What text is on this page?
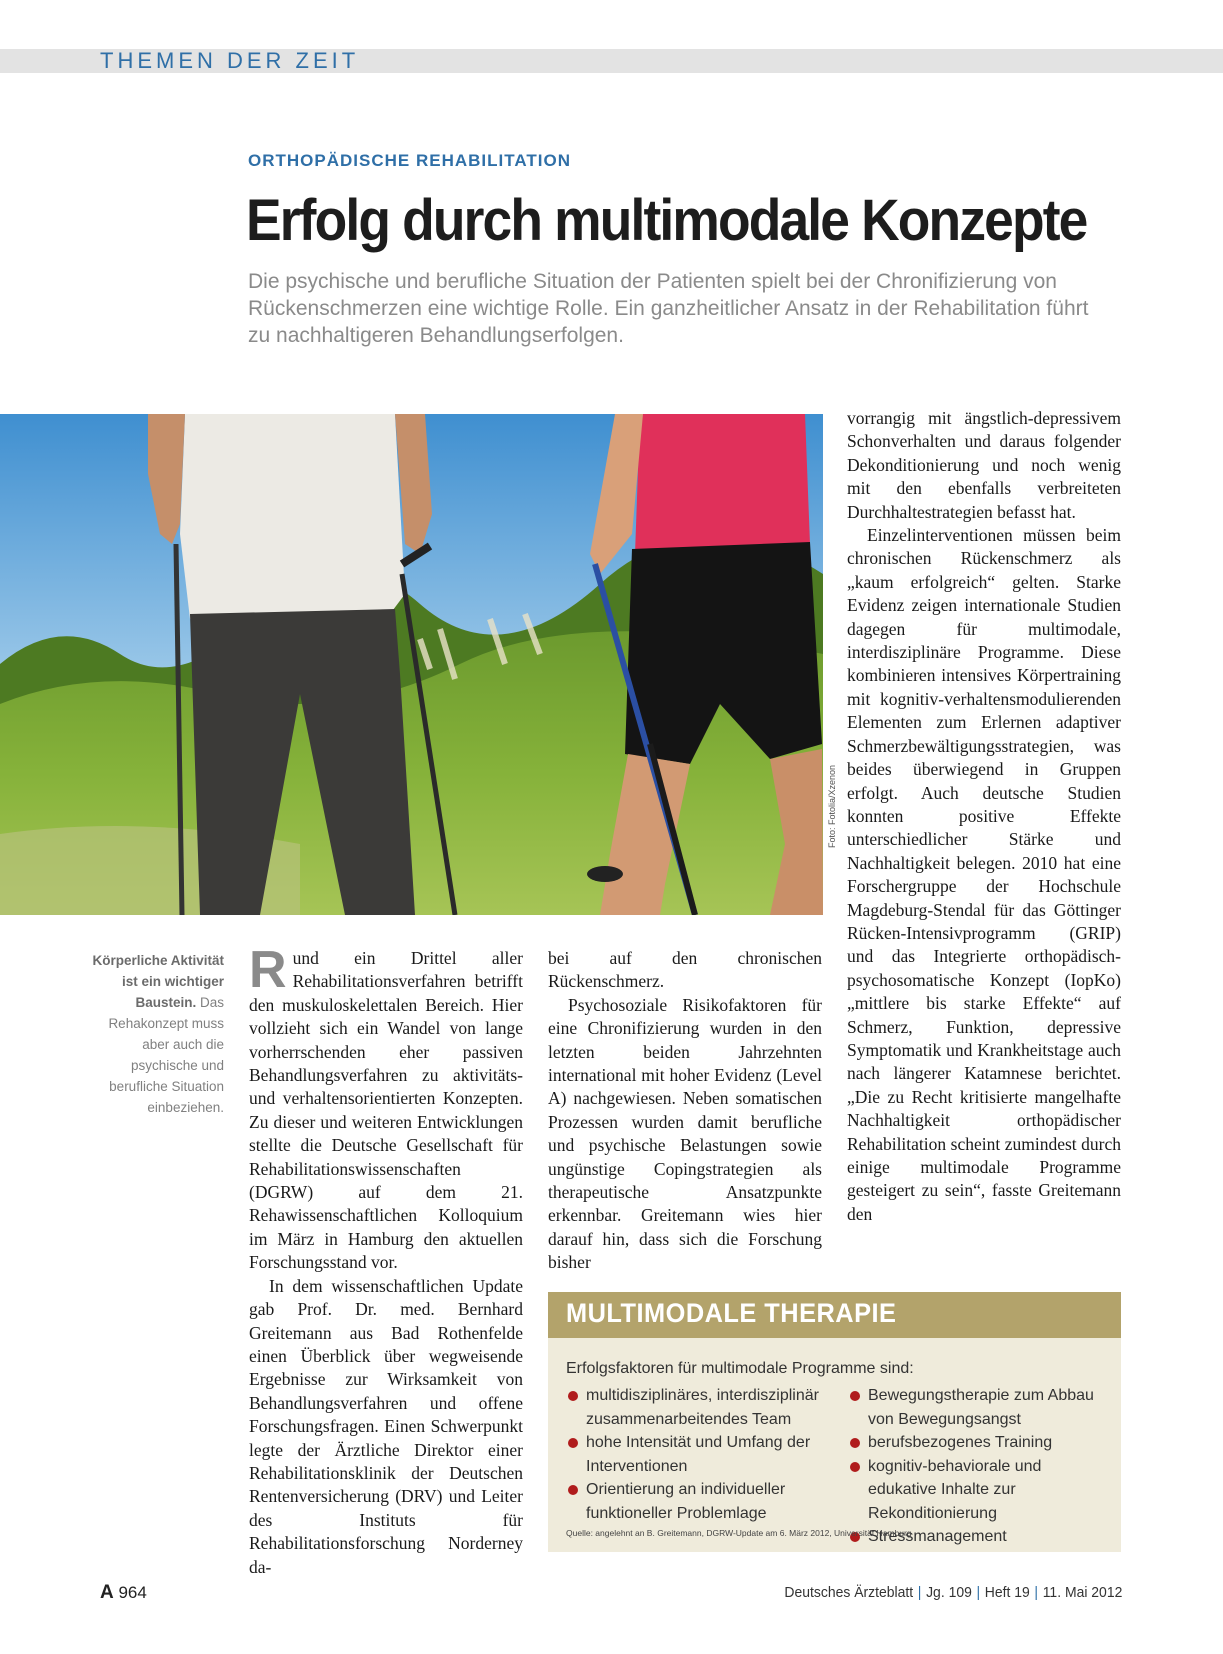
THEMEN DER ZEIT
ORTHOPÄDISCHE REHABILITATION
Erfolg durch multimodale Konzepte

Die psychische und berufliche Situation der Patienten spielt bei der Chronifizierung von Rückenschmerzen eine wichtige Rolle. Ein ganzheitlicher Ansatz in der Rehabilitation führt zu nachhaltigeren Behandlungserfolgen.

Foto: Fotolia/Xzenon
Körperliche Aktivität ist ein wichtiger Baustein. Das Rehakonzept muss aber auch die psychische und berufliche Situation einbeziehen.

Rund ein Drittel aller Rehabilitationsverfahren betrifft den muskuloskelettalen Bereich. Hier vollzieht sich ein Wandel von lange vorherrschenden eher passiven Behandlungsverfahren zu aktivitäts- und verhaltensorientierten Konzepten. Zu dieser und weiteren Entwicklungen stellte die Deutsche Gesellschaft für Rehabilitationswissenschaften (DGRW) auf dem 21. Rehawissenschaftlichen Kolloquium im März in Hamburg den aktuellen Forschungsstand vor.

In dem wissenschaftlichen Update gab Prof. Dr. med. Bernhard Greitemann aus Bad Rothenfelde einen Überblick über wegweisende Ergebnisse zur Wirksamkeit von Behandlungsverfahren und offene Forschungsfragen. Einen Schwerpunkt legte der Ärztliche Direktor einer Rehabilitationsklinik der Deutschen Rentenversicherung (DRV) und Leiter des Instituts für Rehabilitationsforschung Norderney da-

bei auf den chronischen Rückenschmerz.

Psychosoziale Risikofaktoren für eine Chronifizierung wurden in den letzten beiden Jahrzehnten international mit hoher Evidenz (Level A) nachgewiesen. Neben somatischen Prozessen wurden damit berufliche und psychische Belastungen sowie ungünstige Copingstrategien als therapeutische Ansatzpunkte erkennbar. Greitemann wies hier darauf hin, dass sich die Forschung bisher

vorrangig mit ängstlich-depressivem Schonverhalten und daraus folgender Dekonditionierung und noch wenig mit den ebenfalls verbreiteten Durchhaltestrategien befasst hat.

Einzelinterventionen müssen beim chronischen Rückenschmerz als „kaum erfolgreich“ gelten. Starke Evidenz zeigen internationale Studien dagegen für multimodale, interdisziplinäre Programme. Diese kombinieren intensives Körpertraining mit kognitiv-verhaltensmodulierenden Elementen zum Erlernen adaptiver Schmerzbewältigungsstrategien, was beides überwiegend in Gruppen erfolgt. Auch deutsche Studien konnten positive Effekte unterschiedlicher Stärke und Nachhaltigkeit belegen. 2010 hat eine Forschergruppe der Hochschule Magdeburg-Stendal für das Göttinger Rücken-Intensivprogramm (GRIP) und das Integrierte orthopädisch-psychosomatische Konzept (IopKo) „mittlere bis starke Effekte“ auf Schmerz, Funktion, depressive Symptomatik und Krankheitstage auch nach längerer Katamnese berichtet. „Die zu Recht kritisierte mangelhafte Nachhaltigkeit orthopädischer Rehabilitation scheint zumindest durch einige multimodale Programme gesteigert zu sein“, fasste Greitemann den

MULTIMODALE THERAPIE
Erfolgsfaktoren für multimodale Programme sind:
multidisziplinäres, interdisziplinär zusammenarbeitendes Team
hohe Intensität und Umfang der Interventionen
Orientierung an individueller funktioneller Problemlage
Bewegungstherapie zum Abbau von Bewegungsangst
berufsbezogenes Training
kognitiv-behaviorale und edukative Inhalte zur Rekonditionierung
Stressmanagement
Quelle: angelehnt an B. Greitemann, DGRW-Update am 6. März 2012, Universität Hamburg
A 964	Deutsches Ärzteblatt | Jg. 109 | Heft 19 | 11. Mai 2012
